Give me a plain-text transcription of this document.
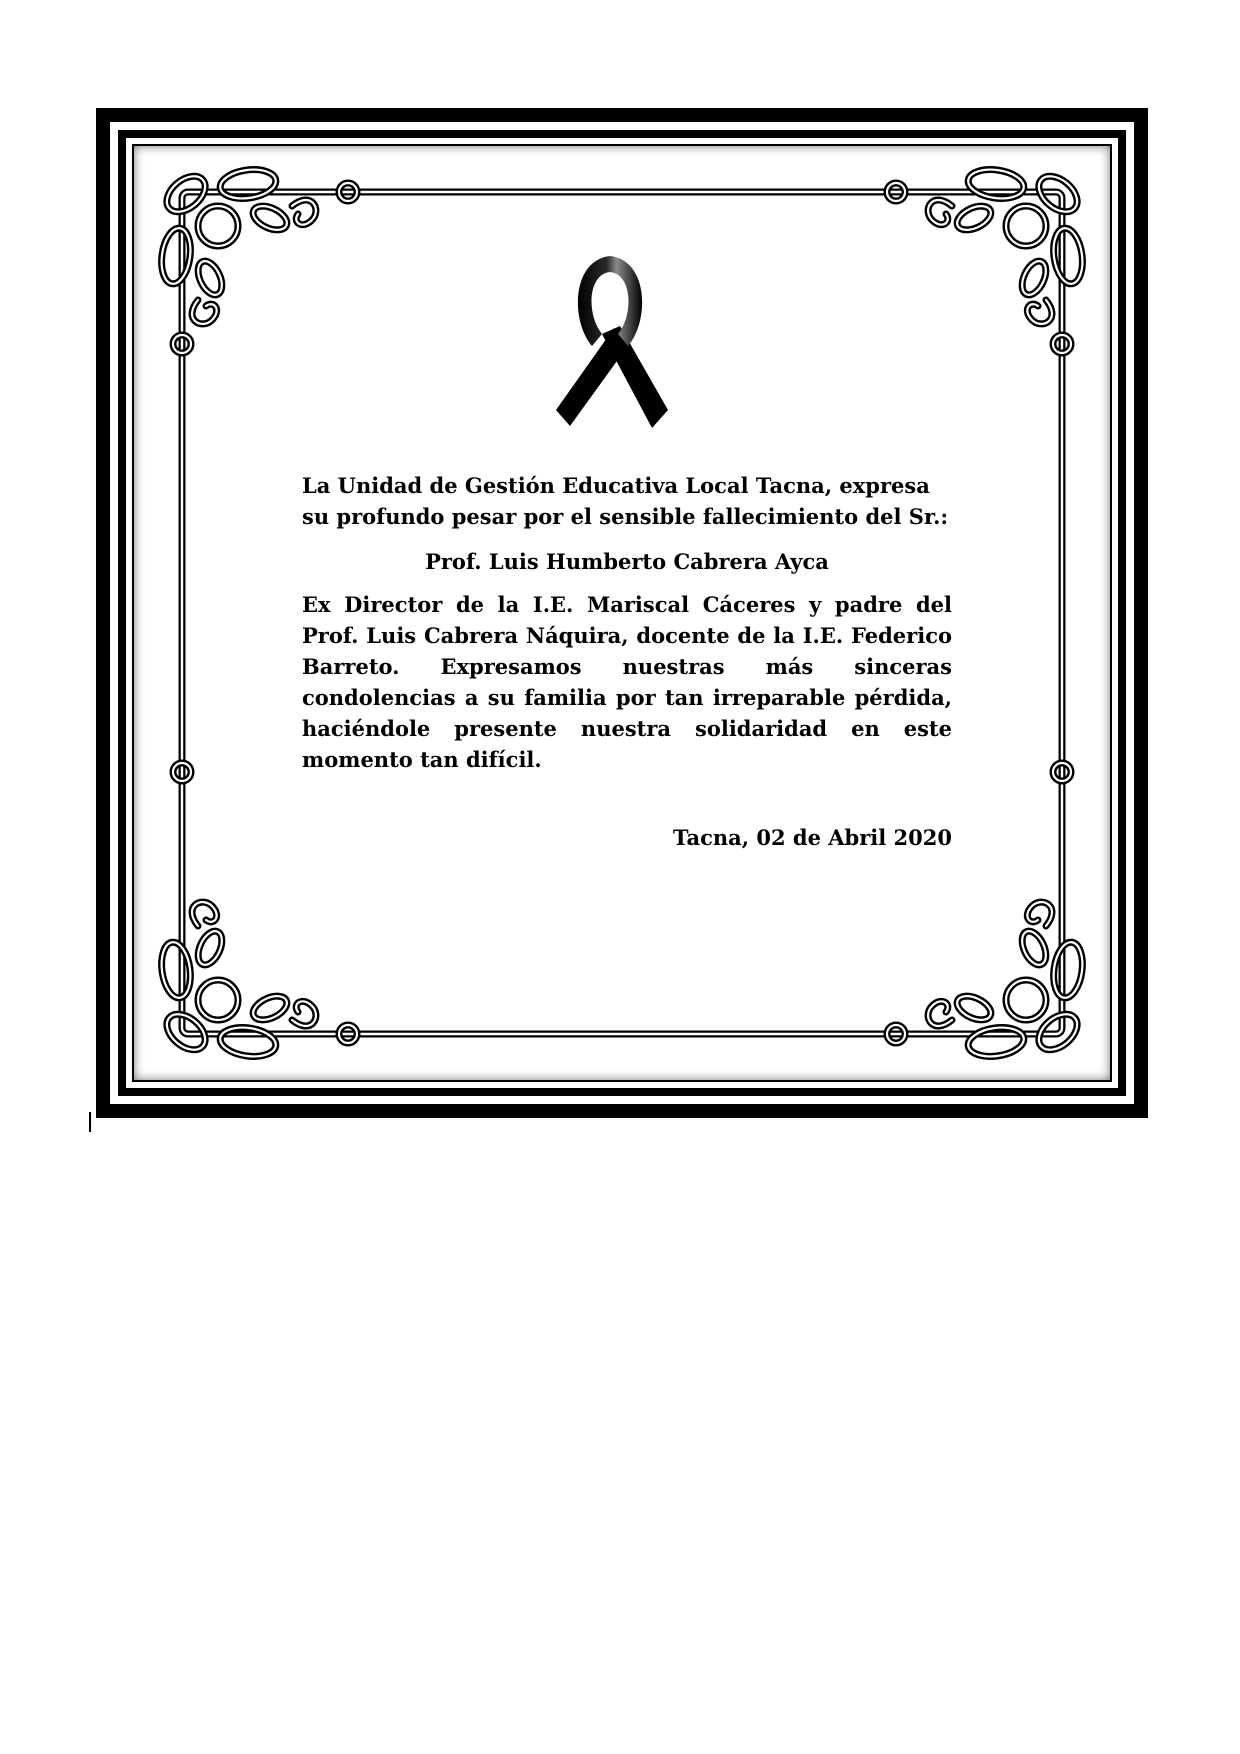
La Unidad de Gestión Educativa Local Tacna, expresa su profundo pesar por el sensible fallecimiento del Sr.:

Prof. Luis Humberto Cabrera Ayca

Ex Director de la I.E. Mariscal Cáceres y padre del Prof. Luis Cabrera Náquira, docente de la I.E. Federico Barreto. Expresamos nuestras más sinceras condolencias a su familia por tan irreparable pérdida, haciéndole presente nuestra solidaridad en este momento tan difícil.

Tacna, 02 de Abril 2020
